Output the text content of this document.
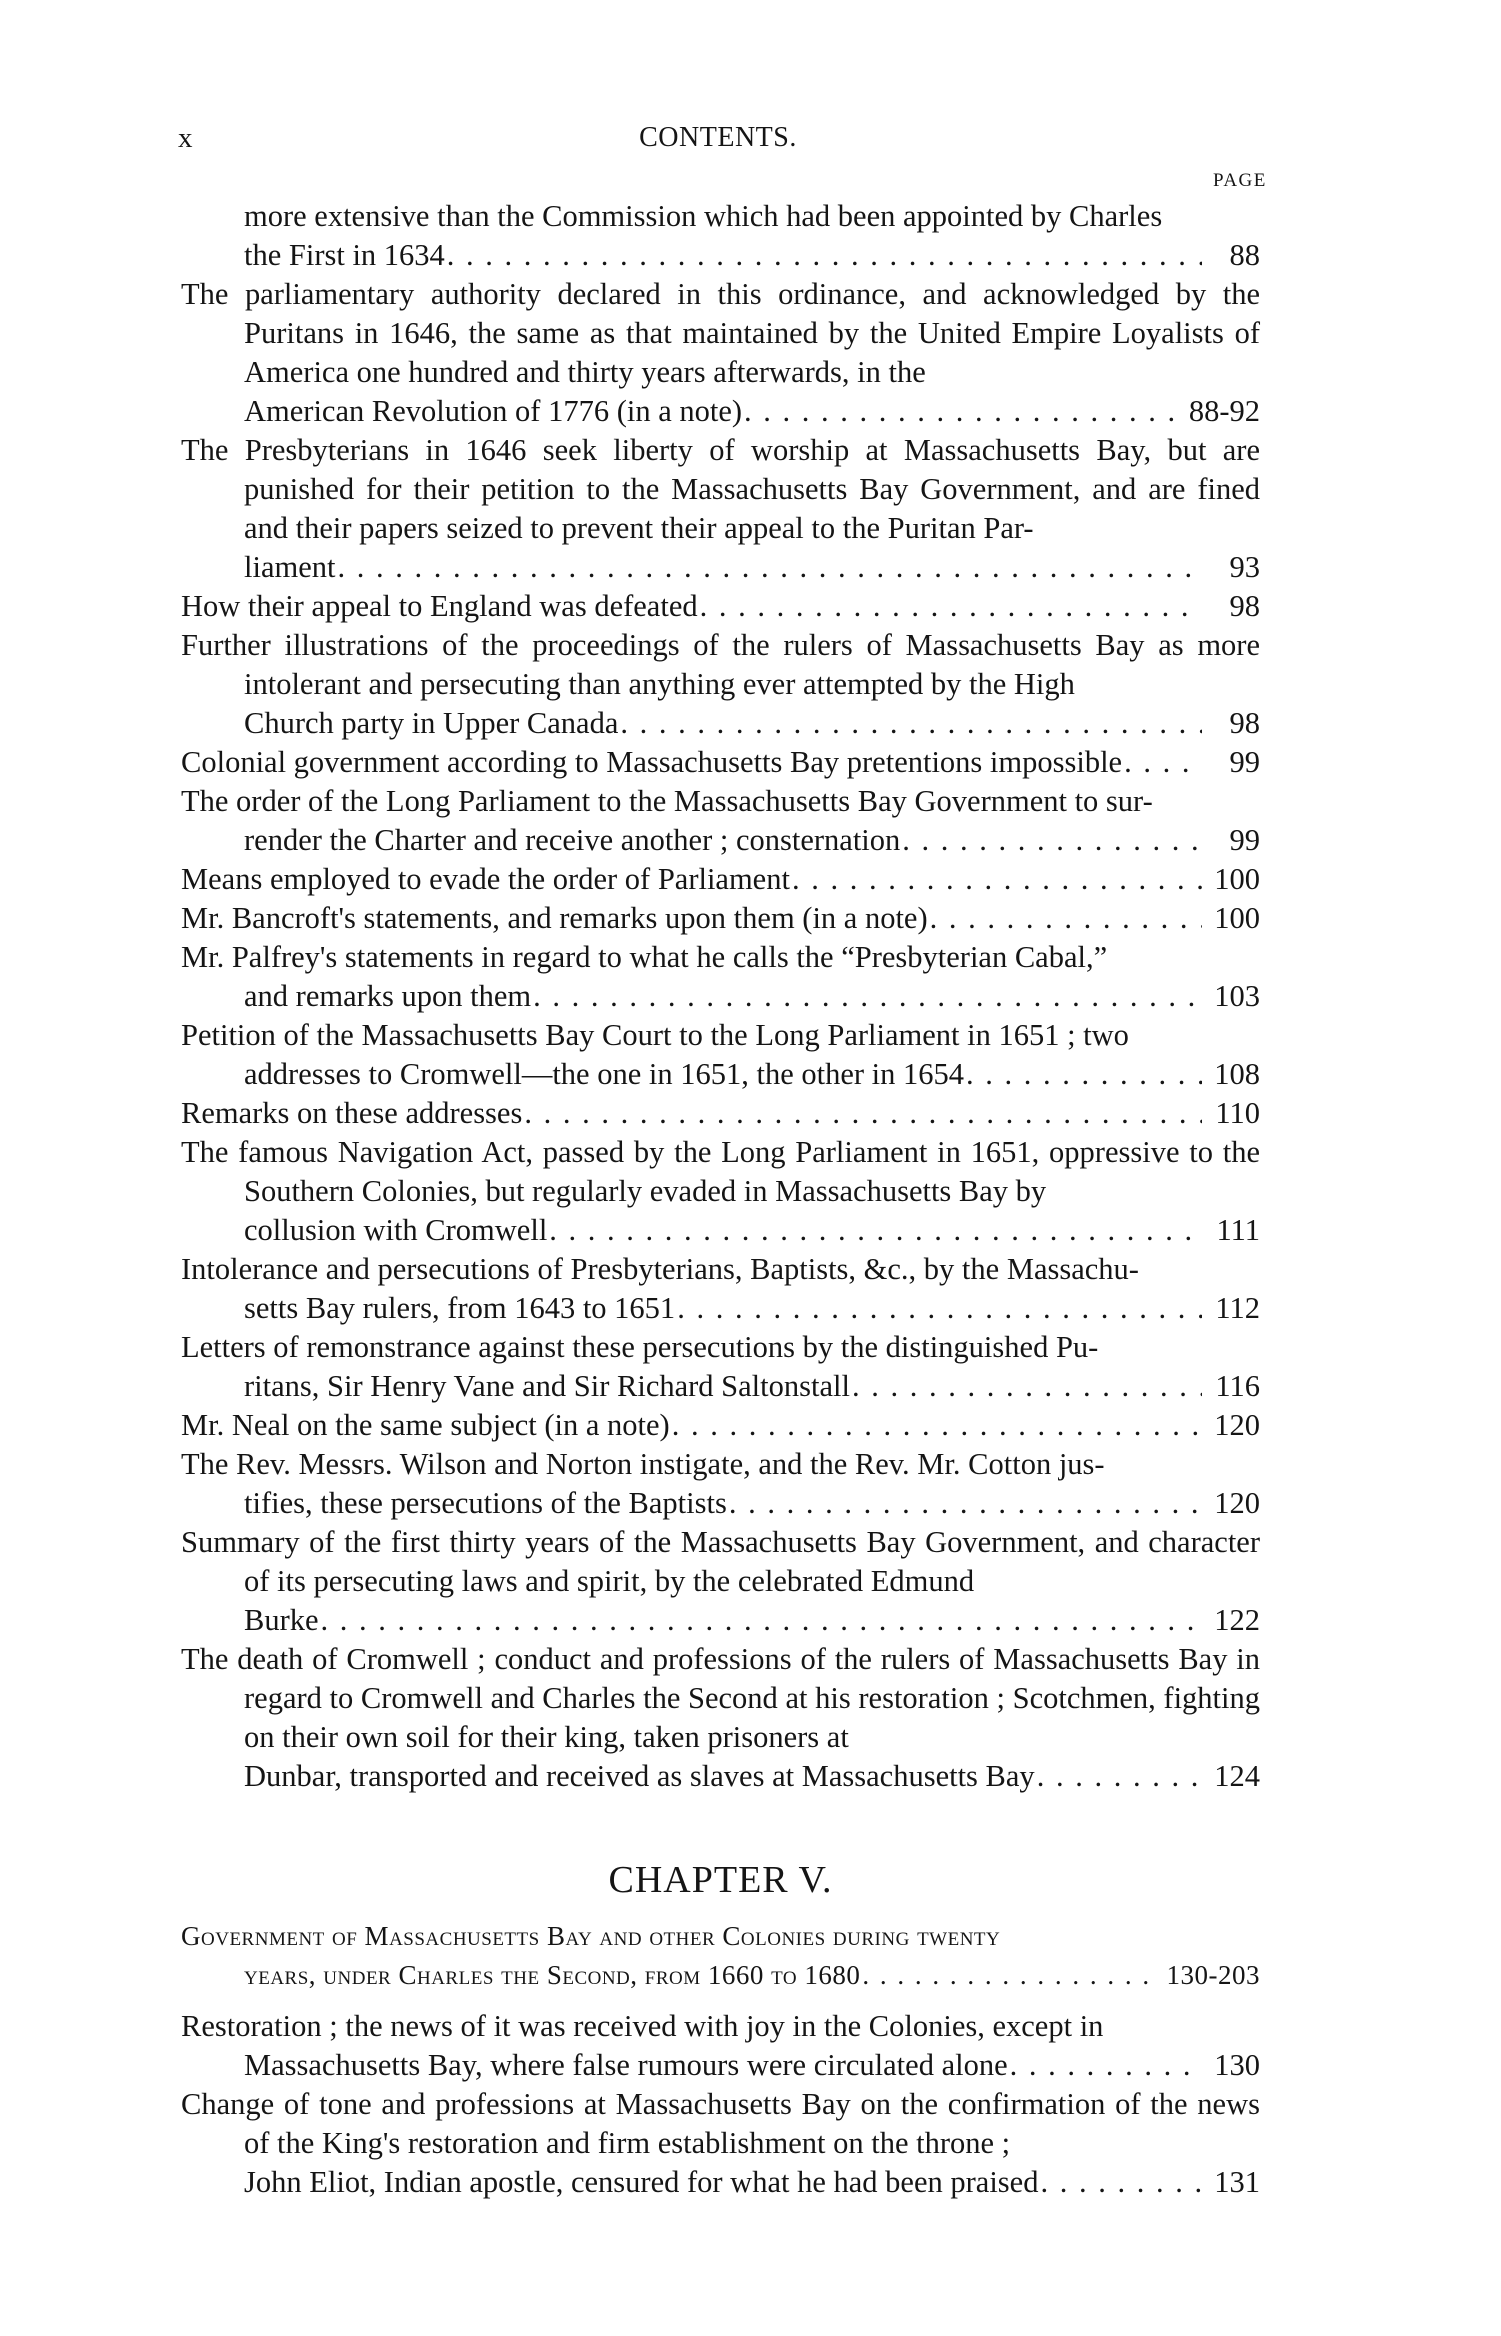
x	CONTENTS.
PAGE
more extensive than the Commission which had been appointed by Charles
the First in 1634 . . .	88
The parliamentary authority declared in this ordinance, and acknowledged by the Puritans in 1646, the same as that maintained by the United Empire Loyalists of America one hundred and thirty years afterwards, in the
American Revolution of 1776 (in a note) . . .	88-92
The Presbyterians in 1646 seek liberty of worship at Massachusetts Bay, but are punished for their petition to the Massachusetts Bay Government, and are fined and their papers seized to prevent their appeal to the Puritan Par-
liament . . .	93
How their appeal to England was defeated . . .	98
Further illustrations of the proceedings of the rulers of Massachusetts Bay as more intolerant and persecuting than anything ever attempted by the High
Church party in Upper Canada . . .	98
Colonial government according to Massachusetts Bay pretentions impossible . . .	99
The order of the Long Parliament to the Massachusetts Bay Government to sur-
render the Charter and receive another ; consternation . . .	99
Means employed to evade the order of Parliament . . .	100
Mr. Bancroft's statements, and remarks upon them (in a note) . . .	100
Mr. Palfrey's statements in regard to what he calls the “Presbyterian Cabal,”
and remarks upon them . . .	103
Petition of the Massachusetts Bay Court to the Long Parliament in 1651 ; two
addresses to Cromwell—the one in 1651, the other in 1654 . . .	108
Remarks on these addresses . . .	110
The famous Navigation Act, passed by the Long Parliament in 1651, oppressive to the Southern Colonies, but regularly evaded in Massachusetts Bay by
collusion with Cromwell . . .	111
Intolerance and persecutions of Presbyterians, Baptists, &c., by the Massachu-
setts Bay rulers, from 1643 to 1651 . . .	112
Letters of remonstrance against these persecutions by the distinguished Pu-
ritans, Sir Henry Vane and Sir Richard Saltonstall . . .	116
Mr. Neal on the same subject (in a note) . . .	120
The Rev. Messrs. Wilson and Norton instigate, and the Rev. Mr. Cotton jus-
tifies, these persecutions of the Baptists . . .	120
Summary of the first thirty years of the Massachusetts Bay Government, and character of its persecuting laws and spirit, by the celebrated Edmund
Burke . . .	122
The death of Cromwell ; conduct and professions of the rulers of Massachusetts Bay in regard to Cromwell and Charles the Second at his restoration ; Scotchmen, fighting on their own soil for their king, taken prisoners at
Dunbar, transported and received as slaves at Massachusetts Bay . . .	124
CHAPTER V.
Government of Massachusetts Bay and other Colonies during twenty
years, under Charles the Second, from 1660 to 1680 . . .	130-203
Restoration ; the news of it was received with joy in the Colonies, except in
Massachusetts Bay, where false rumours were circulated alone . . .	130
Change of tone and professions at Massachusetts Bay on the confirmation of the news of the King's restoration and firm establishment on the throne ;
John Eliot, Indian apostle, censured for what he had been praised . . .	131
